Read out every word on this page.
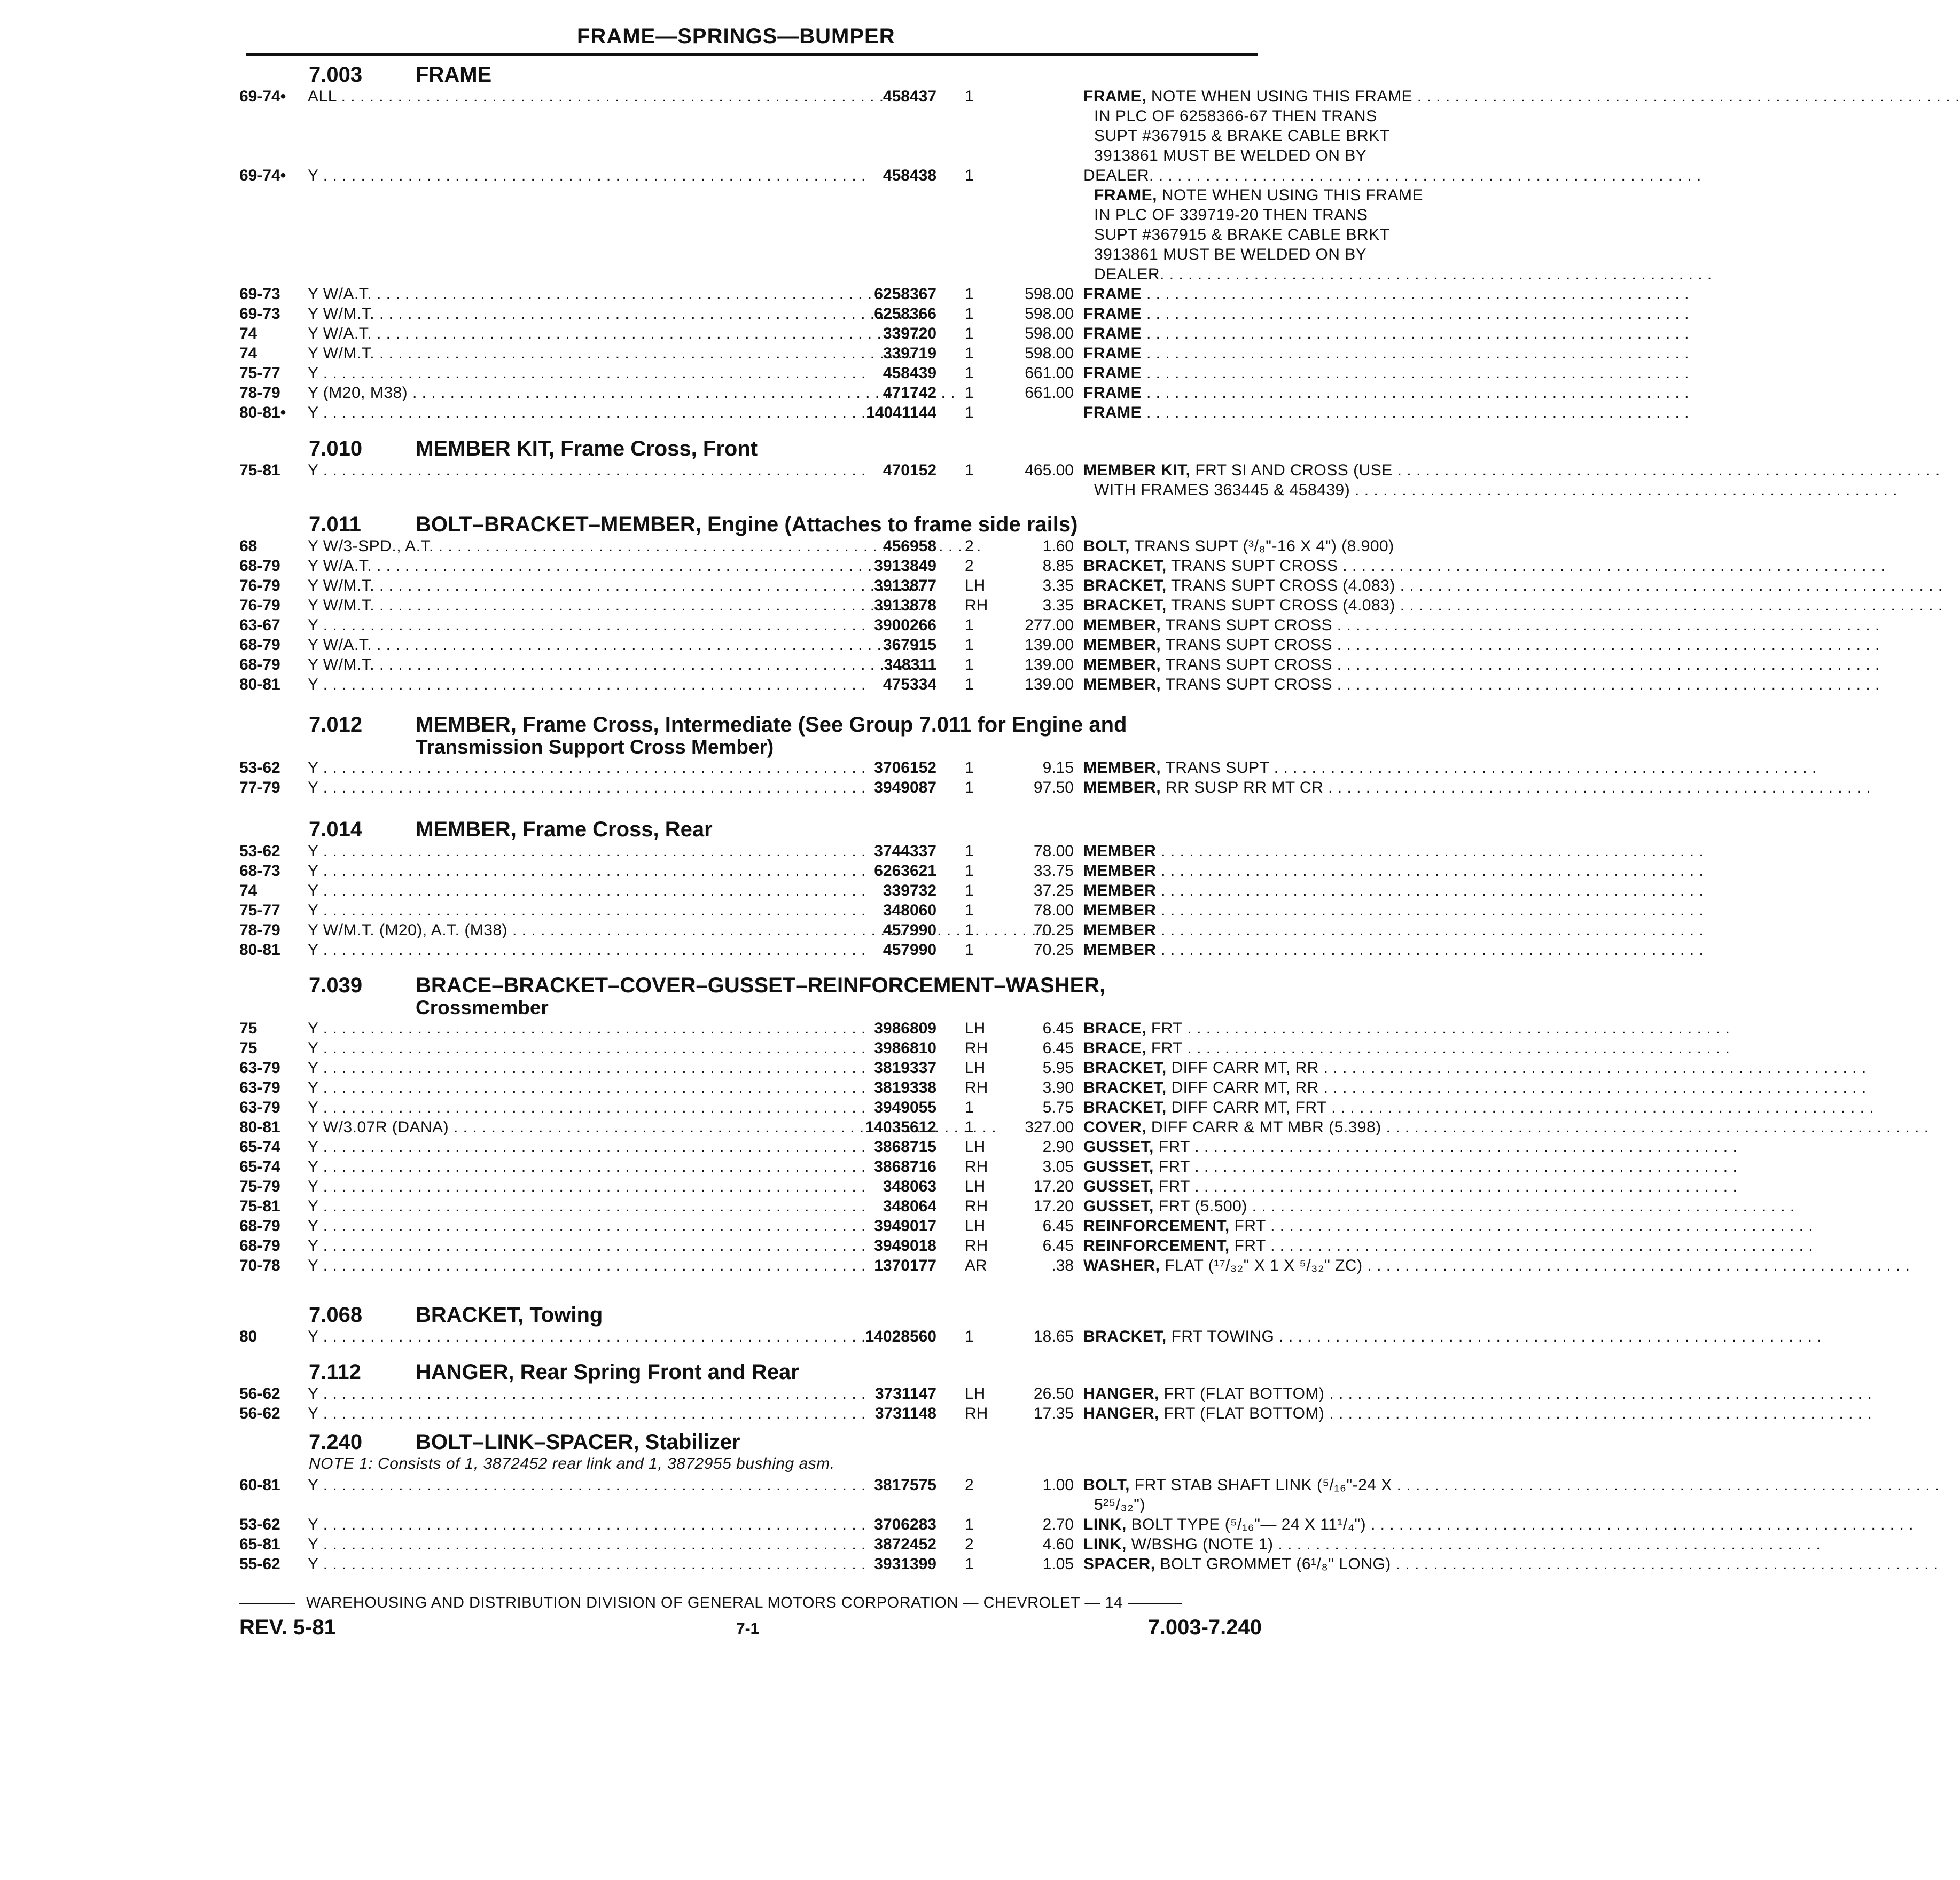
FRAME—SPRINGS—BUMPER
7.003 FRAME
69-74• ALL . . .	458437 1	FRAME, NOTE WHEN USING THIS FRAME . . .
IN PLC OF 6258366-67 THEN TRANS
SUPT #367915 & BRAKE CABLE BRKT
3913861 MUST BE WELDED ON BY
69-74• Y . . .	458438 1	DEALER. . . .
FRAME, NOTE WHEN USING THIS FRAME
IN PLC OF 339719-20 THEN TRANS
SUPT #367915 & BRAKE CABLE BRKT
3913861 MUST BE WELDED ON BY
DEALER. . . .
69-73 Y W/A.T. . . .	6258367 1	598.00 FRAME . . .
69-73 Y W/M.T. . . .	6258366 1	598.00 FRAME . . .
74	Y W/A.T. . . .	339720 1	598.00 FRAME . . .
74	Y W/M.T. . . .	339719 1	598.00 FRAME . . .
75-77 Y . . .	458439 1	661.00 FRAME . . .
78-79 Y (M20, M38) . . .	471742 1	661.00 FRAME . . .
80-81• Y . . .	14041144 1	FRAME . . .
7.010 MEMBER KIT, Frame Cross, Front
75-81 Y . . .	470152 1	465.00 MEMBER KIT, FRT SI AND CROSS (USE . . .
WITH FRAMES 363445 & 458439) . . .
7.011	BOLT–BRACKET–MEMBER, Engine (Attaches to frame side rails)
68	Y W/3-SPD., A.T. . . .	456958 2	1.60 BOLT, TRANS SUPT (³/₈"-16 X 4") (8.900)
68-79 Y W/A.T. . . .	3913849 2	8.85 BRACKET, TRANS SUPT CROSS . . .
76-79 Y W/M.T. . . .	3913877 LH	3.35 BRACKET, TRANS SUPT CROSS (4.083) . . .
76-79 Y W/M.T. . . .	3913878 RH	3.35 BRACKET, TRANS SUPT CROSS (4.083) . . .
63-67 Y . . .	3900266 1	277.00 MEMBER, TRANS SUPT CROSS . . .
68-79 Y W/A.T. . . .	367915 1	139.00 MEMBER, TRANS SUPT CROSS . . .
68-79 Y W/M.T. . . .	348311 1	139.00 MEMBER, TRANS SUPT CROSS . . .
80-81 Y . . .	475334 1	139.00 MEMBER, TRANS SUPT CROSS . . .
7.012 MEMBER, Frame Cross, Intermediate (See Group 7.011 for Engine and
Transmission Support Cross Member)
53-62 Y . . .	3706152 1	9.15 MEMBER, TRANS SUPT . . .
77-79 Y . . .	3949087 1	97.50 MEMBER, RR SUSP RR MT CR . . .
7.014 MEMBER, Frame Cross, Rear
53-62 Y . . .	3744337 1	78.00 MEMBER . . .
68-73 Y . . .	6263621 1	33.75 MEMBER . . .
74	Y . . .	339732 1	37.25 MEMBER . . .
75-77 Y . . .	348060 1	78.00 MEMBER . . .
78-79 Y W/M.T. (M20), A.T. (M38) . . .	457990 1	70.25 MEMBER . . .
80-81 Y . . .	457990 1	70.25 MEMBER . . .
7.039 BRACE–BRACKET–COVER–GUSSET–REINFORCEMENT–WASHER,
Crossmember
75	Y . . .	3986809 LH	6.45 BRACE, FRT . . .
75	Y . . .	3986810 RH	6.45 BRACE, FRT . . .
63-79 Y . . .	3819337 LH	5.95 BRACKET, DIFF CARR MT, RR . . .
63-79 Y . . .	3819338 RH	3.90 BRACKET, DIFF CARR MT, RR . . .
63-79 Y . . .	3949055 1	5.75 BRACKET, DIFF CARR MT, FRT . . .
80-81 Y W/3.07R (DANA) . . .	14035612 1	327.00 COVER, DIFF CARR & MT MBR (5.398) . . .
65-74 Y . . .	3868715 LH	2.90 GUSSET, FRT . . .
65-74 Y . . .	3868716 RH	3.05 GUSSET, FRT . . .
75-79 Y . . .	348063 LH	17.20 GUSSET, FRT . . .
75-81 Y . . .	348064 RH	17.20 GUSSET, FRT (5.500) . . .
68-79 Y . . .	3949017 LH	6.45 REINFORCEMENT, FRT . . .
68-79 Y . . .	3949018 RH	6.45 REINFORCEMENT, FRT . . .
70-78 Y . . .	1370177 AR	.38 WASHER, FLAT (¹⁷/₃₂" X 1 X ⁵/₃₂" ZC) . . .
7.068 BRACKET, Towing
80	Y . . .	14028560 1	18.65 BRACKET, FRT TOWING . . .
7.112	HANGER, Rear Spring Front and Rear
56-62 Y . . .	3731147 LH	26.50 HANGER, FRT (FLAT BOTTOM) . . .
56-62 Y . . .	3731148 RH	17.35 HANGER, FRT (FLAT BOTTOM) . . .
7.240 BOLT–LINK–SPACER, Stabilizer
NOTE 1: Consists of 1, 3872452 rear link and 1, 3872955 bushing asm.
60-81 Y . . .	3817575 2	1.00 BOLT, FRT STAB SHAFT LINK (⁵/₁₆"-24 X . . .
5²⁵/₃₂")
53-62 Y . . .	3706283 1	2.70 LINK, BOLT TYPE (⁵/₁₆"— 24 X 11¹/₄") . . .
65-81 Y . . .	3872452 2	4.60 LINK, W/BSHG (NOTE 1) . . .
55-62 Y . . .	3931399 1	1.05 SPACER, BOLT GROMMET (6¹/₈" LONG) . . .
WAREHOUSING AND DISTRIBUTION DIVISION OF GENERAL MOTORS CORPORATION — CHEVROLET — 14
REV. 5-81	7-1	7.003-7.240
